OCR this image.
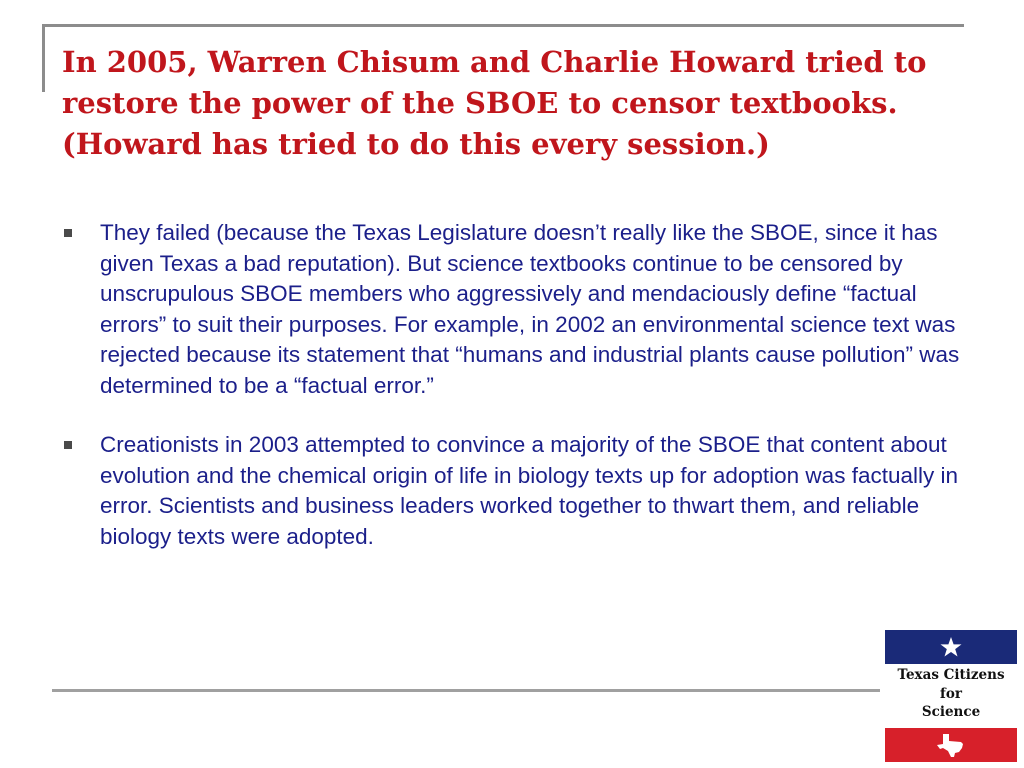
In 2005, Warren Chisum and Charlie Howard tried to restore the power of the SBOE to censor textbooks. (Howard has tried to do this every session.)
They failed (because the Texas Legislature doesn’t really like the SBOE, since it has given Texas a bad reputation). But science textbooks continue to be censored by unscrupulous SBOE members who aggressively and mendaciously define “factual errors” to suit their purposes. For example, in 2002 an environmental science text was rejected because its statement that “humans and industrial plants cause pollution” was determined to be a “factual error.”
Creationists in 2003 attempted to convince a majority of the SBOE that content about evolution and the chemical origin of life in biology texts up for adoption was factually in error. Scientists and business leaders worked together to thwart them, and reliable biology texts were adopted.
Texas Citizens
for
Science
